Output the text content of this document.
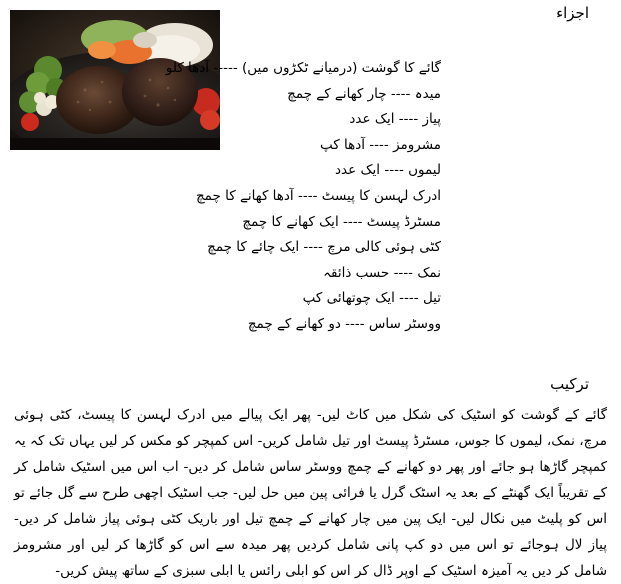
اجزاء
گائے کا گوشت (درمیانے ٹکڑوں میں) ----- آدھا کلو
میدہ ---- چار کھانے کے چمچ
پیاز ---- ایک عدد
مشرومز ---- آدھا کپ
لیموں ---- ایک عدد
ادرک لہسن کا پیسٹ ---- آدھا کھانے کا چمچ
مسٹرڈ پیسٹ ---- ایک کھانے کا چمچ
کٹی ہوئی کالی مرچ ---- ایک چائے کا چمچ
نمک ---- حسب ذائقہ
تیل ---- ایک چوتھائی کپ
ووسٹر ساس ---- دو کھانے کے چمچ
ترکیب

گائے کے گوشت کو اسٹیک کی شکل میں کاٹ لیں- پھر ایک پیالے میں ادرک لہسن کا پیسٹ، کٹی ہوئی مرچ، نمک، لیموں کا جوس، مسٹرڈ پیسٹ اور تیل شامل کریں- اس کمپچر کو مکس کر لیں یہاں تک کہ یہ کمپچر گاڑھا ہو جائے اور پھر دو کھانے کے چمچ ووسٹر ساس شامل کر دیں- اب اس میں اسٹیک شامل کر کے تقریباً ایک گھنٹے کے بعد یہ اسٹک گرل یا فرائی پین میں حل لیں- جب اسٹیک اچھی طرح سے گل جائے تو اس کو پلیٹ میں نکال لیں- ایک پین میں چار کھانے کے چمچ تیل اور باریک کٹی ہوئی پیاز شامل کر دیں- پیاز لال ہوجائے تو اس میں دو کپ پانی شامل کردیں پھر میدہ سے اس کو گاڑھا کر لیں اور مشرومز شامل کر دیں یہ آمیزہ اسٹیک کے اوپر ڈال کر اس کو ابلی رائس یا ابلی سبزی کے ساتھ پیش کریں-
